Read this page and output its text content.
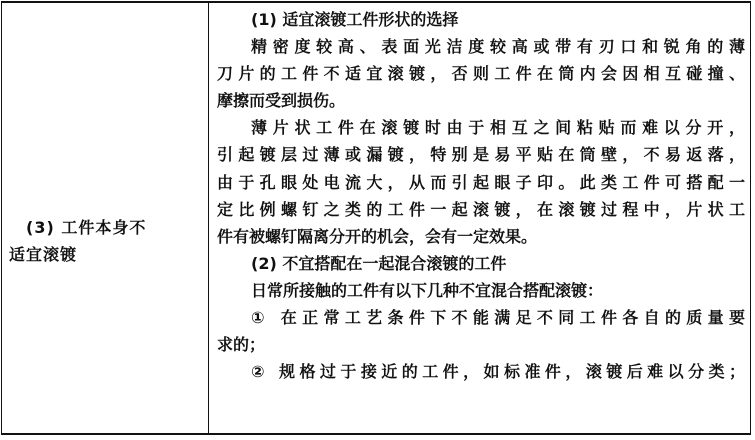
(3) 工件本身不
适宜滚镀
(1) 适宜滚镀工件形状的选择
精密度较高、表面光洁度较高或带有刃口和锐角的薄
刀片的工件不适宜滚镀，否则工件在筒内会因相互碰撞、
摩擦而受到损伤。
薄片状工件在滚镀时由于相互之间粘贴而难以分开，
引起镀层过薄或漏镀，特别是易平贴在筒壁，不易返落，
由于孔眼处电流大，从而引起眼子印。此类工件可搭配一
定比例螺钉之类的工件一起滚镀，在滚镀过程中，片状工
件有被螺钉隔离分开的机会，会有一定效果。
(2) 不宜搭配在一起混合滚镀的工件
日常所接触的工件有以下几种不宜混合搭配滚镀：
① 在正常工艺条件下不能满足不同工件各自的质量要
求的；
② 规格过于接近的工件，如标准件，滚镀后难以分类；
